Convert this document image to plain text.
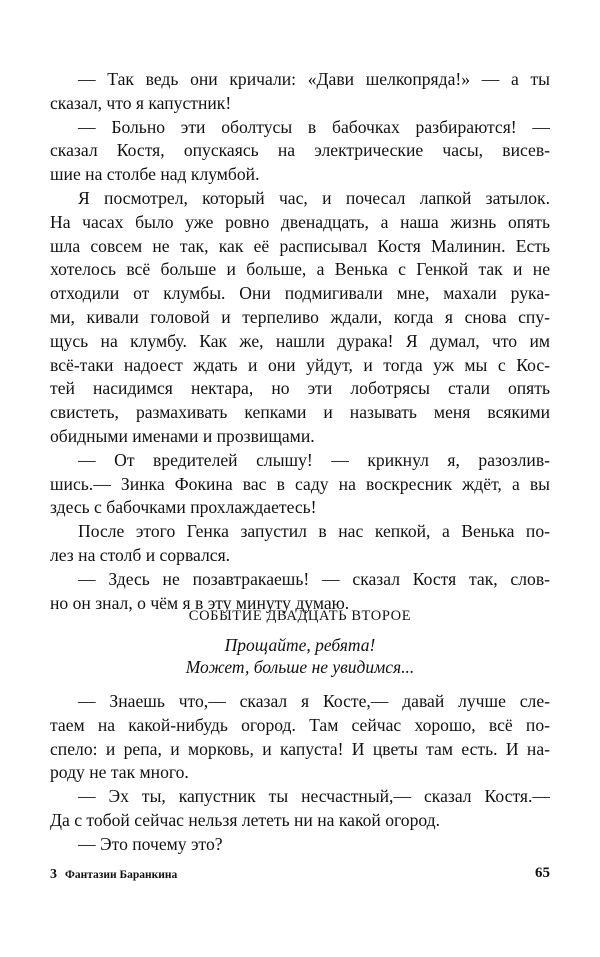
— Так ведь они кричали: «Дави шелкопряда!» — а ты
сказал, что я капустник!
— Больно эти оболтусы в бабочках разбираются! —
сказал Костя, опускаясь на электрические часы, висев-
шие на столбе над клумбой.
Я посмотрел, который час, и почесал лапкой затылок.
На часах было уже ровно двенадцать, а наша жизнь опять
шла совсем не так, как её расписывал Костя Малинин. Есть
хотелось всё больше и больше, а Венька с Генкой так и не
отходили от клумбы. Они подмигивали мне, махали рука-
ми, кивали головой и терпеливо ждали, когда я снова спу-
щусь на клумбу. Как же, нашли дурака! Я думал, что им
всё-таки надоест ждать и они уйдут, и тогда уж мы с Кос-
тей насидимся нектара, но эти лоботрясы стали опять
свистеть, размахивать кепками и называть меня всякими
обидными именами и прозвищами.
— От вредителей слышу! — крикнул я, разозлив-
шись.— Зинка Фокина вас в саду на воскресник ждёт, а вы
здесь с бабочками прохлаждаетесь!
После этого Генка запустил в нас кепкой, а Венька по-
лез на столб и сорвался.
— Здесь не позавтракаешь! — сказал Костя так, слов-
но он знал, о чём я в эту минуту думаю.
СОБЫТИЕ ДВАДЦАТЬ ВТОРОЕ
Прощайте, ребята!
Может, больше не увидимся...
— Знаешь что,— сказал я Косте,— давай лучше сле-
таем на какой-нибудь огород. Там сейчас хорошо, всё по-
спело: и репа, и морковь, и капуста! И цветы там есть. И на-
роду не так много.
— Эх ты, капустник ты несчастный,— сказал Костя.—
Да с тобой сейчас нельзя лететь ни на какой огород.
— Это почему это?
3 Фантазии Баранкина	65
